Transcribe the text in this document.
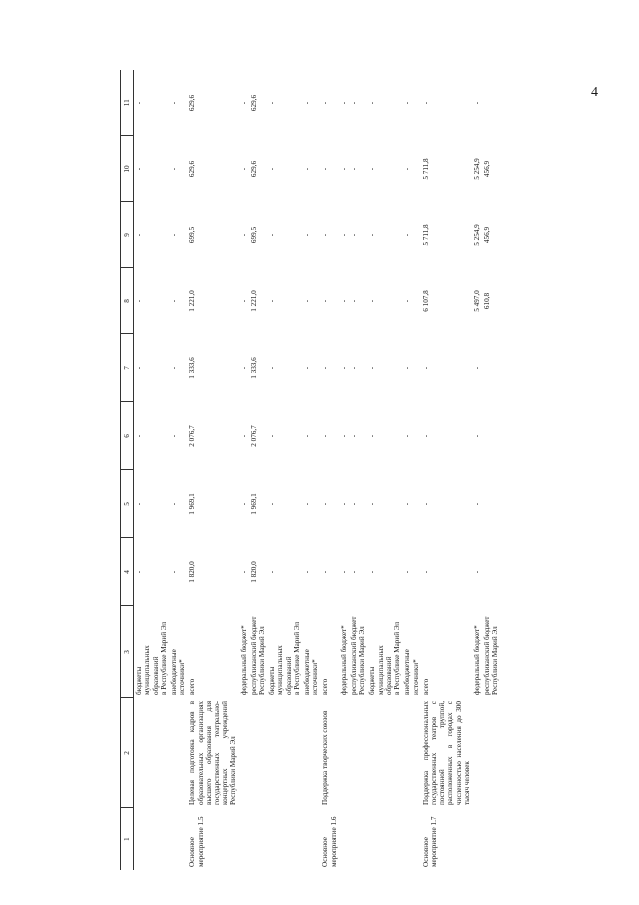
4
1	2	3	4	5	6	7	8	9	10	11
		бюджеты
муниципальных
образований
в Республике Марий Эл	-	-	-	-	-	-	-	-
		внебюджетные
источники*	-	-	-	-	-	-	-	-
Основное
мероприятие 1.5	Целевая подготовка кадров в образовательных организациях высшего образования для государственных театрально-концертных учреждений Республики Марий Эл	всего	1 820,0	1 969,1	2 076,7	1 333,6	1 221,0	699,5	629,6	629,6
		федеральный бюджет*	-	-	-	-	-	-	-	-
		республиканский бюджет
Республики Марий Эл	1 820,0	1 969,1	2 076,7	1 333,6	1 221,0	699,5	629,6	629,6
		бюджеты
муниципальных
образований
в Республике Марий Эл	-	-	-	-	-	-	-	-
		внебюджетные
источники*	-	-	-	-	-	-	-	-
Основное
мероприятие 1.6	Поддержка творческих союзов	всего	-	-	-	-	-	-	-	-
		федеральный бюджет*	-	-	-	-	-	-	-	-
		республиканский бюджет
Республики Марий Эл	-	-	-	-	-	-	-	-
		бюджеты
муниципальных
образований
в Республике Марий Эл	-	-	-	-	-	-	-	-
		внебюджетные
источники*	-	-	-	-	-	-	-	-
Основное
мероприятие 1.7	Поддержка профессиональных государственных театров с постоянной труппой, расположенных в городах с численностью населения до 300 тысяч человек	всего	-	-	-	-	6 107,8	5 711,8	5 711,8	-
		федеральный бюджет*	-	-	-	-	5 497,0	5 254,9	5 254,9	-
		республиканский бюджет
Республики Марий Эл					610,8	456,9	456,9	
